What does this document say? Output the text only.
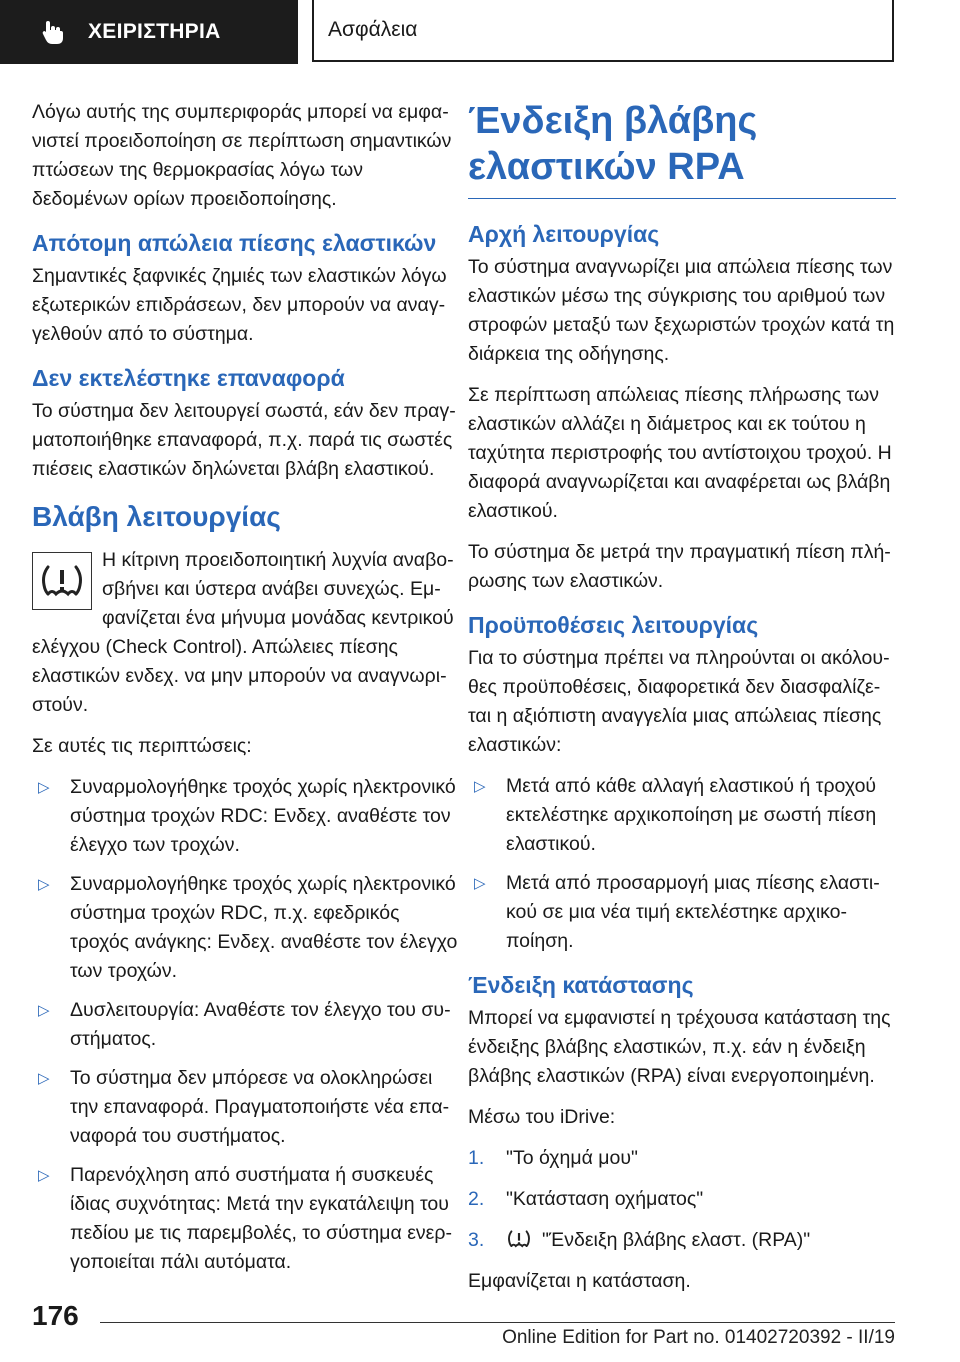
ΧΕΙΡΙΣΤΗΡΙΑ	Ασφάλεια

Λόγω αυτής της συμπεριφοράς μπορεί να εμφανιστεί προειδοποίηση σε περίπτωση σημαντικών πτώσεων της θερμοκρασίας λόγω των δεδομένων ορίων προειδοποίησης.

Απότομη απώλεια πίεσης ελαστικών

Σημαντικές ξαφνικές ζημιές των ελαστικών λόγω εξωτερικών επιδράσεων, δεν μπορούν να αναγγελθούν από το σύστημα.

Δεν εκτελέστηκε επαναφορά

Το σύστημα δεν λειτουργεί σωστά, εάν δεν πραγματοποιήθηκε επαναφορά, π.χ. παρά τις σωστές πιέσεις ελαστικών δηλώνεται βλάβη ελαστικού.

Βλάβη λειτουργίας

Η κίτρινη προειδοποιητική λυχνία αναβοσβήνει και ύστερα ανάβει συνεχώς. Εμφανίζεται ένα μήνυμα μονάδας κεντρικού ελέγχου (Check Control). Απώλειες πίεσης ελαστικών ενδεχ. να μην μπορούν να αναγνωριστούν.

Σε αυτές τις περιπτώσεις:

▷ Συναρμολογήθηκε τροχός χωρίς ηλεκτρονικό σύστημα τροχών RDC: Ενδεχ. αναθέστε τον έλεγχο των τροχών.
▷ Συναρμολογήθηκε τροχός χωρίς ηλεκτρονικό σύστημα τροχών RDC, π.χ. εφεδρικός τροχός ανάγκης: Ενδεχ. αναθέστε τον έλεγχο των τροχών.
▷ Δυσλειτουργία: Αναθέστε τον έλεγχο του συστήματος.
▷ Το σύστημα δεν μπόρεσε να ολοκληρώσει την επαναφορά. Πραγματοποιήστε νέα επαναφορά του συστήματος.
▷ Παρενόχληση από συστήματα ή συσκευές ίδιας συχνότητας: Μετά την εγκατάλειψη του πεδίου με τις παρεμβολές, το σύστημα ενεργοποιείται πάλι αυτόματα.
Ένδειξη βλάβης ελαστικών RPA
Αρχή λειτουργίας

Το σύστημα αναγνωρίζει μια απώλεια πίεσης των ελαστικών μέσω της σύγκρισης του αριθμού των στροφών μεταξύ των ξεχωριστών τροχών κατά τη διάρκεια της οδήγησης.

Σε περίπτωση απώλειας πίεσης πλήρωσης των ελαστικών αλλάζει η διάμετρος και εκ τούτου η ταχύτητα περιστροφής του αντίστοιχου τροχού. Η διαφορά αναγνωρίζεται και αναφέρεται ως βλάβη ελαστικού.

Το σύστημα δε μετρά την πραγματική πίεση πλήρωσης των ελαστικών.

Προϋποθέσεις λειτουργίας

Για το σύστημα πρέπει να πληρούνται οι ακόλουθες προϋποθέσεις, διαφορετικά δεν διασφαλίζεται η αξιόπιστη αναγγελία μιας απώλειας πίεσης ελαστικών:

▷ Μετά από κάθε αλλαγή ελαστικού ή τροχού εκτελέστηκε αρχικοποίηση με σωστή πίεση ελαστικού.
▷ Μετά από προσαρμογή μιας πίεσης ελαστικού σε μια νέα τιμή εκτελέστηκε αρχικοποίηση.
Ένδειξη κατάστασης

Μπορεί να εμφανιστεί η τρέχουσα κατάσταση της ένδειξης βλάβης ελαστικών, π.χ. εάν η ένδειξη βλάβης ελαστικών (RPA) είναι ενεργοποιημένη.

Μέσω του iDrive:

1. "Το όχημά μου"
2. "Κατάσταση οχήματος"
3.	"Ένδειξη βλάβης ελαστ. (RPA)"

Εμφανίζεται η κατάσταση.

176
Online Edition for Part no. 01402720392 - II/19
